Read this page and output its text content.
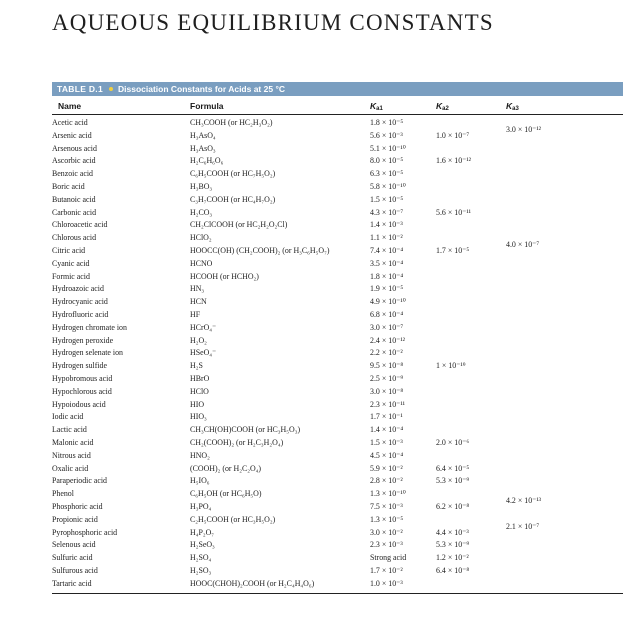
AQUEOUS EQUILIBRIUM CONSTANTS
TABLE D.1 Dissociation Constants for Acids at 25 °C
Name	Formula	$K_{a1}$	$K_{a2}$	$K_{a3}$
Acetic acid	CH₃COOH (or HC₂H₃O₂)	1.8 × 10⁻⁵		
Arsenic acid	H₃AsO₄	5.6 × 10⁻³	1.0 × 10⁻⁷	3.0 × 10⁻¹²
Arsenous acid	H₃AsO₃	5.1 × 10⁻¹⁰		
Ascorbic acid	H₂C₆H₆O₆	8.0 × 10⁻⁵	1.6 × 10⁻¹²	
Benzoic acid	C₆H₅COOH (or HC₇H₅O₂)	6.3 × 10⁻⁵		
Boric acid	H₃BO₃	5.8 × 10⁻¹⁰		
Butanoic acid	C₃H₇COOH (or HC₄H₇O₂)	1.5 × 10⁻⁵		
Carbonic acid	H₂CO₃	4.3 × 10⁻⁷	5.6 × 10⁻¹¹	
Chloroacetic acid	CH₂ClCOOH (or HC₂H₂O₂Cl)	1.4 × 10⁻³		
Chlorous acid	HClO₂	1.1 × 10⁻²		
Citric acid	HOOCC(OH) (CH₂COOH)₂ (or H₃C₆H₅O₇)	7.4 × 10⁻⁴	1.7 × 10⁻⁵	4.0 × 10⁻⁷
Cyanic acid	HCNO	3.5 × 10⁻⁴		
Formic acid	HCOOH (or HCHO₂)	1.8 × 10⁻⁴		
Hydroazoic acid	HN₃	1.9 × 10⁻⁵		
Hydrocyanic acid	HCN	4.9 × 10⁻¹⁰		
Hydrofluoric acid	HF	6.8 × 10⁻⁴		
Hydrogen chromate ion	HCrO₄⁻	3.0 × 10⁻⁷		
Hydrogen peroxide	H₂O₂	2.4 × 10⁻¹²		
Hydrogen selenate ion	HSeO₄⁻	2.2 × 10⁻²		
Hydrogen sulfide	H₂S	9.5 × 10⁻⁸	1 × 10⁻¹⁹	
Hypobromous acid	HBrO	2.5 × 10⁻⁹		
Hypochlorous acid	HClO	3.0 × 10⁻⁸		
Hypoiodous acid	HIO	2.3 × 10⁻¹¹		
Iodic acid	HIO₃	1.7 × 10⁻¹		
Lactic acid	CH₃CH(OH)COOH (or HC₃H₅O₃)	1.4 × 10⁻⁴		
Malonic acid	CH₂(COOH)₂ (or H₂C₃H₂O₄)	1.5 × 10⁻³	2.0 × 10⁻⁶	
Nitrous acid	HNO₂	4.5 × 10⁻⁴		
Oxalic acid	(COOH)₂ (or H₂C₂O₄)	5.9 × 10⁻²	6.4 × 10⁻⁵	
Paraperiodic acid	H₅IO₆	2.8 × 10⁻²	5.3 × 10⁻⁹	
Phenol	C₆H₅OH (or HC₆H₅O)	1.3 × 10⁻¹⁰		
Phosphoric acid	H₃PO₄	7.5 × 10⁻³	6.2 × 10⁻⁸	4.2 × 10⁻¹³
Propionic acid	C₂H₅COOH (or HC₃H₅O₂)	1.3 × 10⁻⁵		
Pyrophosphoric acid	H₄P₂O₇	3.0 × 10⁻²	4.4 × 10⁻³	2.1 × 10⁻⁷
Selenous acid	H₂SeO₃	2.3 × 10⁻³	5.3 × 10⁻⁹	
Sulfuric acid	H₂SO₄	Strong acid	1.2 × 10⁻²	
Sulfurous acid	H₂SO₃	1.7 × 10⁻²	6.4 × 10⁻⁸	
Tartaric acid	HOOC(CHOH)₂COOH (or H₂C₄H₄O₆)	1.0 × 10⁻³		
